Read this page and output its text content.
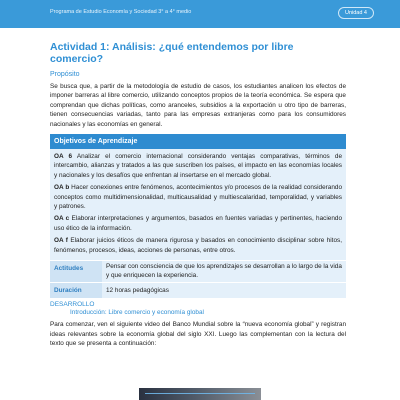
Programa de Estudio Economía y Sociedad 3° a 4° medio	Unidad 4
Actividad 1: Análisis: ¿qué entendemos por libre comercio?
Propósito

Se busca que, a partir de la metodología de estudio de casos, los estudiantes analicen los efectos de imponer barreras al libre comercio, utilizando conceptos propios de la teoría económica. Se espera que comprendan que dichas políticas, como aranceles, subsidios a la exportación u otro tipo de barreras, tienen consecuencias variadas, tanto para las empresas extranjeras como para los consumidores nacionales y las economías en general.

Objetivos de Aprendizaje

OA 6 Analizar el comercio internacional considerando ventajas comparativas, términos de intercambio, alianzas y tratados a las que suscriben los países, el impacto en las economías locales y nacionales y los desafíos que enfrentan al insertarse en el mercado global.

OA b Hacer conexiones entre fenómenos, acontecimientos y/o procesos de la realidad considerando conceptos como multidimensionalidad, multicausalidad y multiescalaridad, temporalidad, y variables y patrones.

OA c Elaborar interpretaciones y argumentos, basados en fuentes variadas y pertinentes, haciendo uso ético de la información.

OA f Elaborar juicios éticos de manera rigurosa y basados en conocimiento disciplinar sobre hitos, fenómenos, procesos, ideas, acciones de personas, entre otros.

Actitudes	Pensar con consciencia de que los aprendizajes se desarrollan a lo largo de la vida y que enriquecen la experiencia.
Duración	12 horas pedagógicas
DESARROLLO
Introducción: Libre comercio y economía global

Para comenzar, ven el siguiente video del Banco Mundial sobre la “nueva economía global” y registran ideas relevantes sobre la economía global del siglo XXI. Luego las complementan con la lectura del texto que se presenta a continuación:
